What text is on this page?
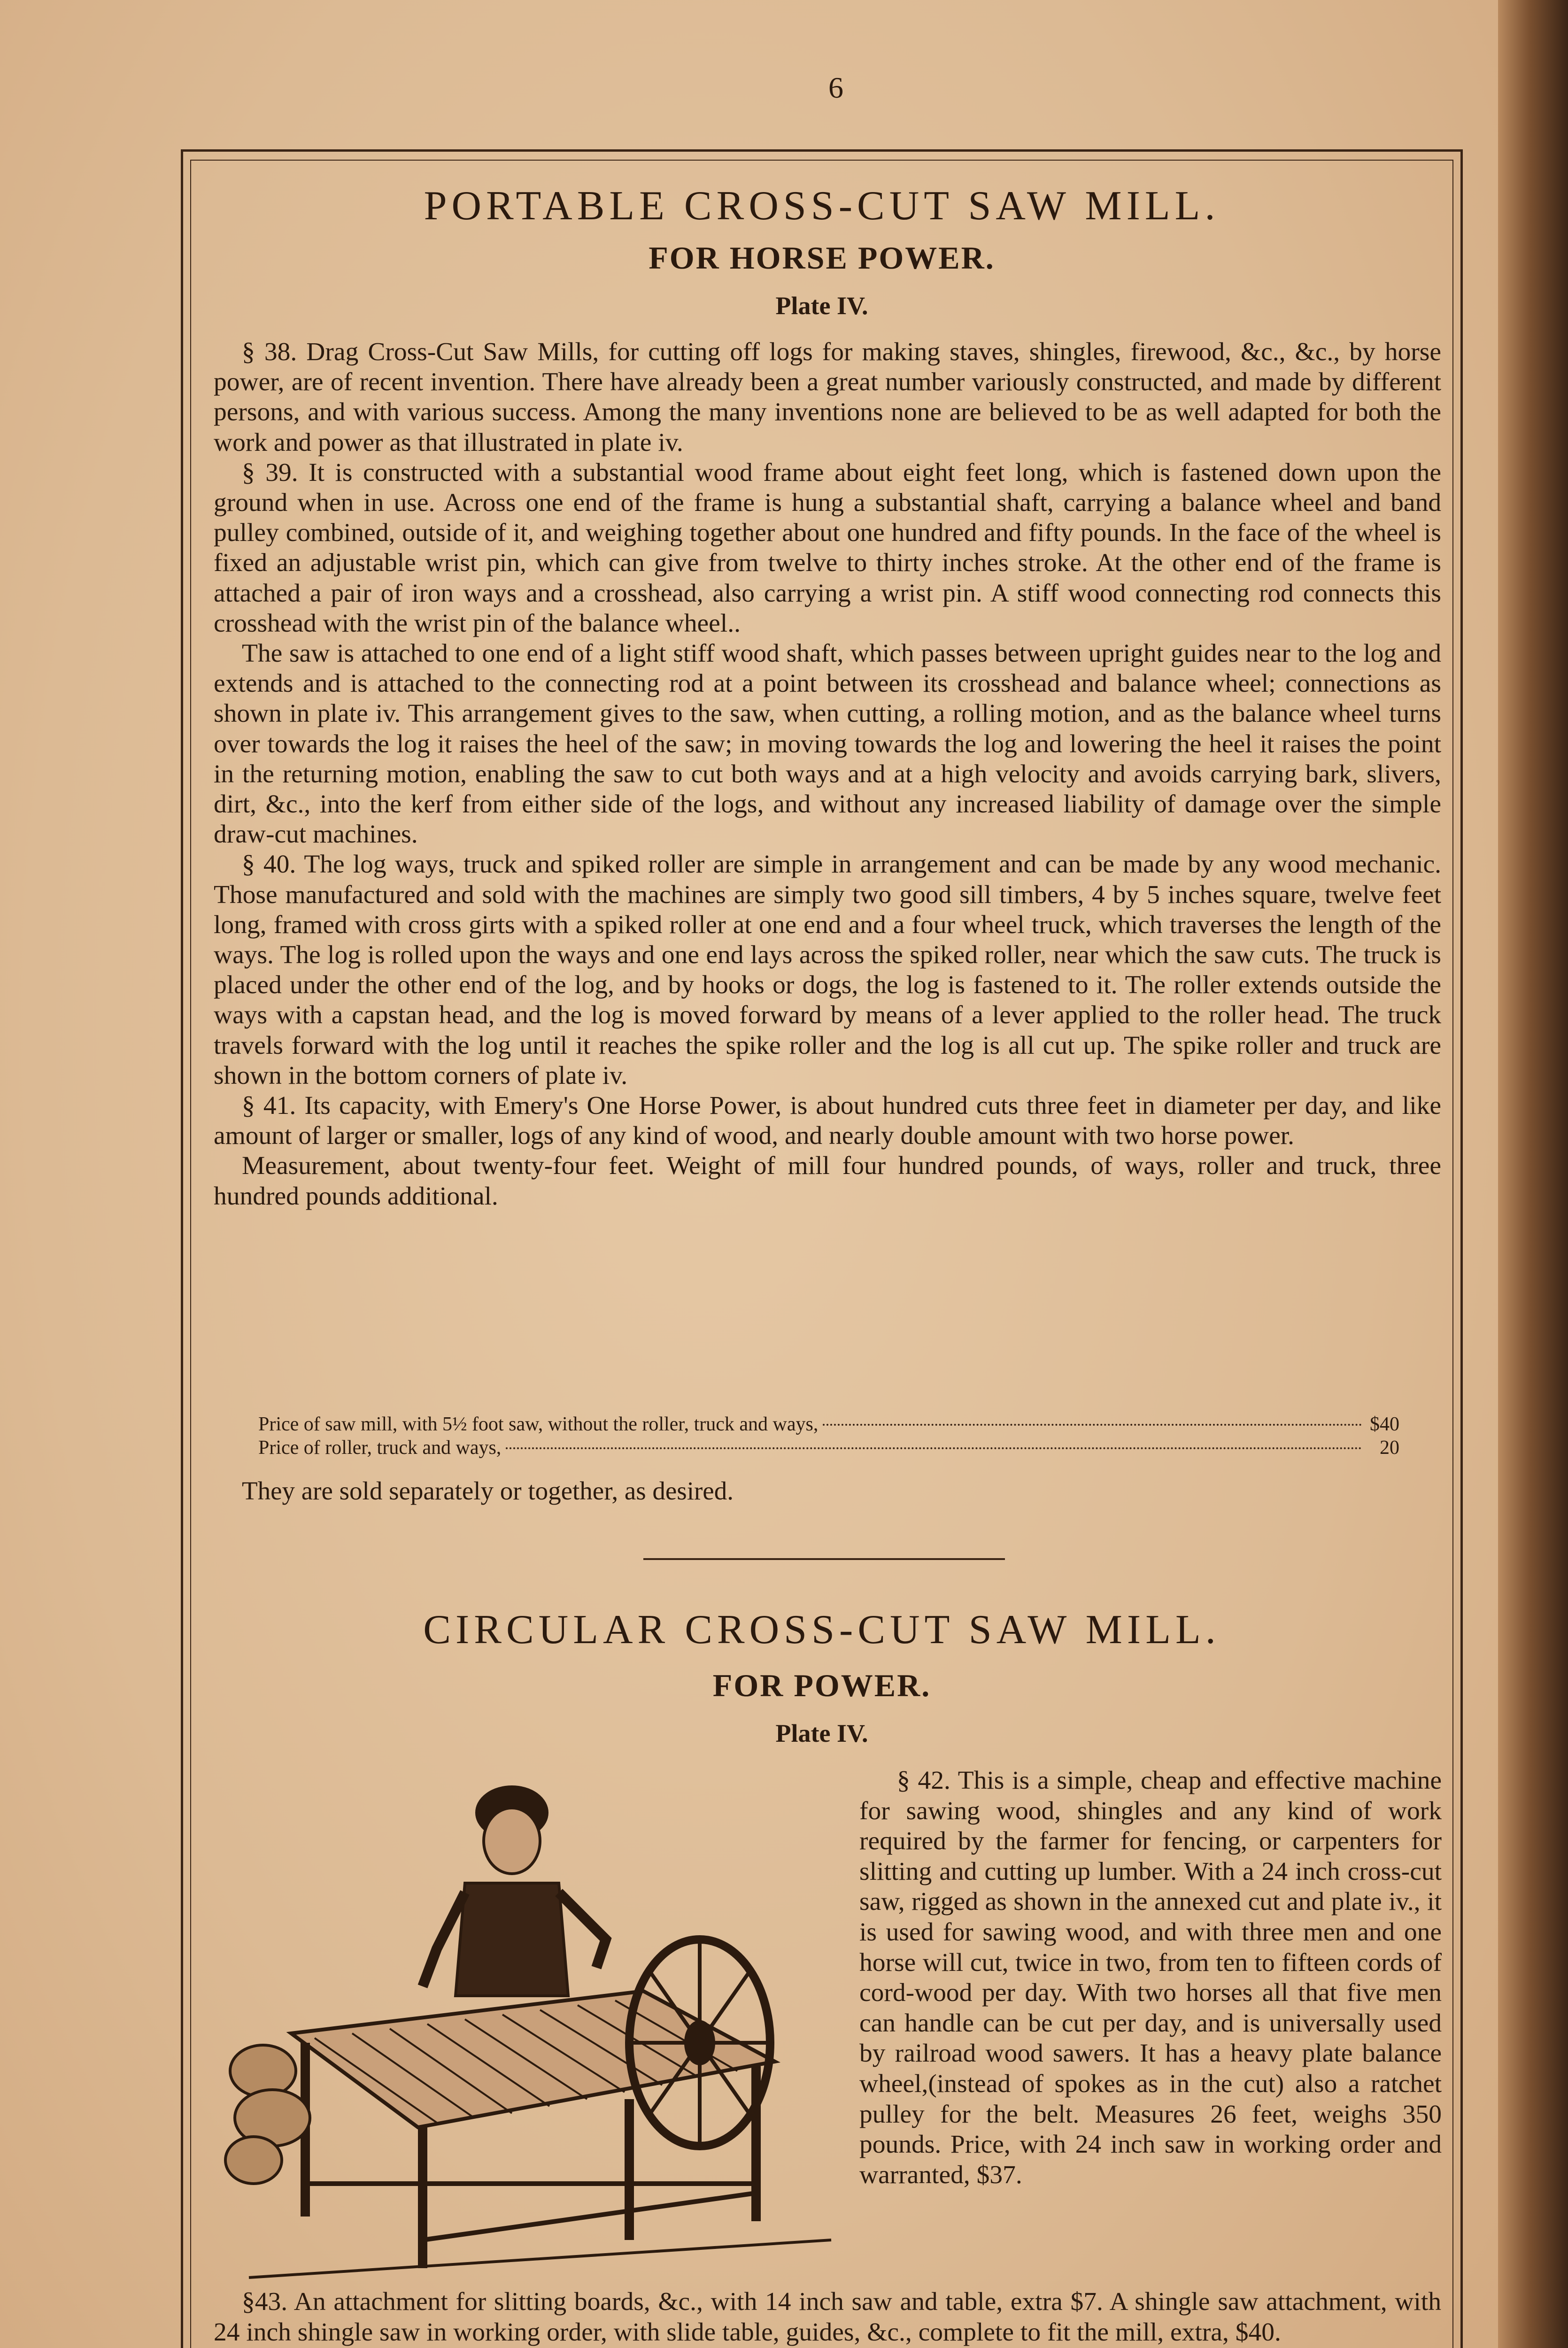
6
PORTABLE CROSS-CUT SAW MILL.
FOR HORSE POWER.
Plate IV.

§ 38. Drag Cross-Cut Saw Mills, for cutting off logs for making staves, shingles, firewood, &c., &c., by horse power, are of recent invention. There have already been a great number variously constructed, and made by different persons, and with various success. Among the many inventions none are believed to be as well adapted for both the work and power as that illustrated in plate iv.

§ 39. It is constructed with a substantial wood frame about eight feet long, which is fastened down upon the ground when in use. Across one end of the frame is hung a substantial shaft, carrying a balance wheel and band pulley combined, outside of it, and weighing together about one hundred and fifty pounds. In the face of the wheel is fixed an adjustable wrist pin, which can give from twelve to thirty inches stroke. At the other end of the frame is attached a pair of iron ways and a crosshead, also carrying a wrist pin. A stiff wood connecting rod connects this crosshead with the wrist pin of the balance wheel..

The saw is attached to one end of a light stiff wood shaft, which passes between upright guides near to the log and extends and is attached to the connecting rod at a point between its crosshead and balance wheel; connections as shown in plate iv. This arrangement gives to the saw, when cutting, a rolling motion, and as the balance wheel turns over towards the log it raises the heel of the saw; in moving towards the log and lowering the heel it raises the point in the returning motion, enabling the saw to cut both ways and at a high velocity and avoids carrying bark, slivers, dirt, &c., into the kerf from either side of the logs, and without any increased liability of damage over the simple draw-cut machines.

§ 40. The log ways, truck and spiked roller are simple in arrangement and can be made by any wood mechanic. Those manufactured and sold with the machines are simply two good sill timbers, 4 by 5 inches square, twelve feet long, framed with cross girts with a spiked roller at one end and a four wheel truck, which traverses the length of the ways. The log is rolled upon the ways and one end lays across the spiked roller, near which the saw cuts. The truck is placed under the other end of the log, and by hooks or dogs, the log is fastened to it. The roller extends outside the ways with a capstan head, and the log is moved forward by means of a lever applied to the roller head. The truck travels forward with the log until it reaches the spike roller and the log is all cut up. The spike roller and truck are shown in the bottom corners of plate iv.

§ 41. Its capacity, with Emery's One Horse Power, is about hundred cuts three feet in diameter per day, and like amount of larger or smaller, logs of any kind of wood, and nearly double amount with two horse power.

Measurement, about twenty-four feet. Weight of mill four hundred pounds, of ways, roller and truck, three hundred pounds additional.

Price of saw mill, with 5½ foot saw, without the roller, truck and ways,	$40
Price of roller, truck and ways,	20
They are sold separately or together, as desired.
CIRCULAR CROSS-CUT SAW MILL.
FOR POWER.
Plate IV.

§ 42. This is a simple, cheap and effective machine for sawing wood, shingles and any kind of work required by the farmer for fencing, or carpenters for slitting and cutting up lumber. With a 24 inch cross-cut saw, rigged as shown in the annexed cut and plate iv., it is used for sawing wood, and with three men and one horse will cut, twice in two, from ten to fifteen cords of cord-wood per day. With two horses all that five men can handle can be cut per day, and is universally used by railroad wood sawers. It has a heavy plate balance wheel,(instead of spokes as in the cut) also a ratchet pulley for the belt. Measures 26 feet, weighs 350 pounds. Price, with 24 inch saw in working order and warranted, $37.

§43. An attachment for slitting boards, &c., with 14 inch saw and table, extra $7. A shingle saw attachment, with 24 inch shingle saw in working order, with slide table, guides, &c., complete to fit the mill, extra, $40.
